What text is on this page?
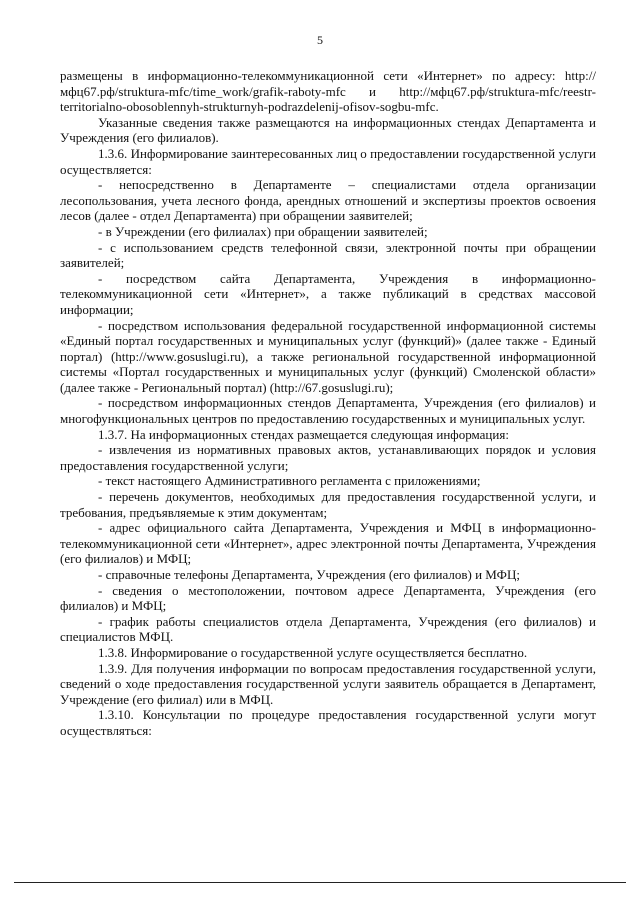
5

размещены в информационно-телекоммуникационной сети «Интернет» по адресу: http://мфц67.рф/struktura-mfc/time_work/grafik-raboty-mfc и http://мфц67.рф/struktura-mfc/reestr-territorialno-obosoblennyh-strukturnyh-podrazdelenij-ofisov-sogbu-mfc.

Указанные сведения также размещаются на информационных стендах Департамента и Учреждения (его филиалов).

1.3.6. Информирование заинтересованных лиц о предоставлении государственной услуги осуществляется:

- непосредственно в Департаменте – специалистами отдела организации лесопользования, учета лесного фонда, арендных отношений и экспертизы проектов освоения лесов (далее - отдел Департамента) при обращении заявителей;

- в Учреждении (его филиалах) при обращении заявителей;

- с использованием средств телефонной связи, электронной почты при обращении заявителей;

- посредством сайта Департамента, Учреждения в информационно-телекоммуникационной сети «Интернет», а также публикаций в средствах массовой информации;

- посредством использования федеральной государственной информационной системы «Единый портал государственных и муниципальных услуг (функций)» (далее также - Единый портал) (http://www.gosuslugi.ru), а также региональной государственной информационной системы «Портал государственных и муниципальных услуг (функций) Смоленской области» (далее также - Региональный портал) (http://67.gosuslugi.ru);

- посредством информационных стендов Департамента, Учреждения (его филиалов) и многофункциональных центров по предоставлению государственных и муниципальных услуг.

1.3.7. На информационных стендах размещается следующая информация:

- извлечения из нормативных правовых актов, устанавливающих порядок и условия предоставления государственной услуги;

- текст настоящего Административного регламента с приложениями;

- перечень документов, необходимых для предоставления государственной услуги, и требования, предъявляемые к этим документам;

- адрес официального сайта Департамента, Учреждения и МФЦ в информационно-телекоммуникационной сети «Интернет», адрес электронной почты Департамента, Учреждения (его филиалов) и МФЦ;

- справочные телефоны Департамента, Учреждения (его филиалов) и МФЦ;

- сведения о местоположении, почтовом адресе Департамента, Учреждения (его филиалов) и МФЦ;

- график работы специалистов отдела Департамента, Учреждения (его филиалов) и специалистов МФЦ.

1.3.8. Информирование о государственной услуге осуществляется бесплатно.

1.3.9. Для получения информации по вопросам предоставления государственной услуги, сведений о ходе предоставления государственной услуги заявитель обращается в Департамент, Учреждение (его филиал) или в МФЦ.

1.3.10. Консультации по процедуре предоставления государственной услуги могут осуществляться:
